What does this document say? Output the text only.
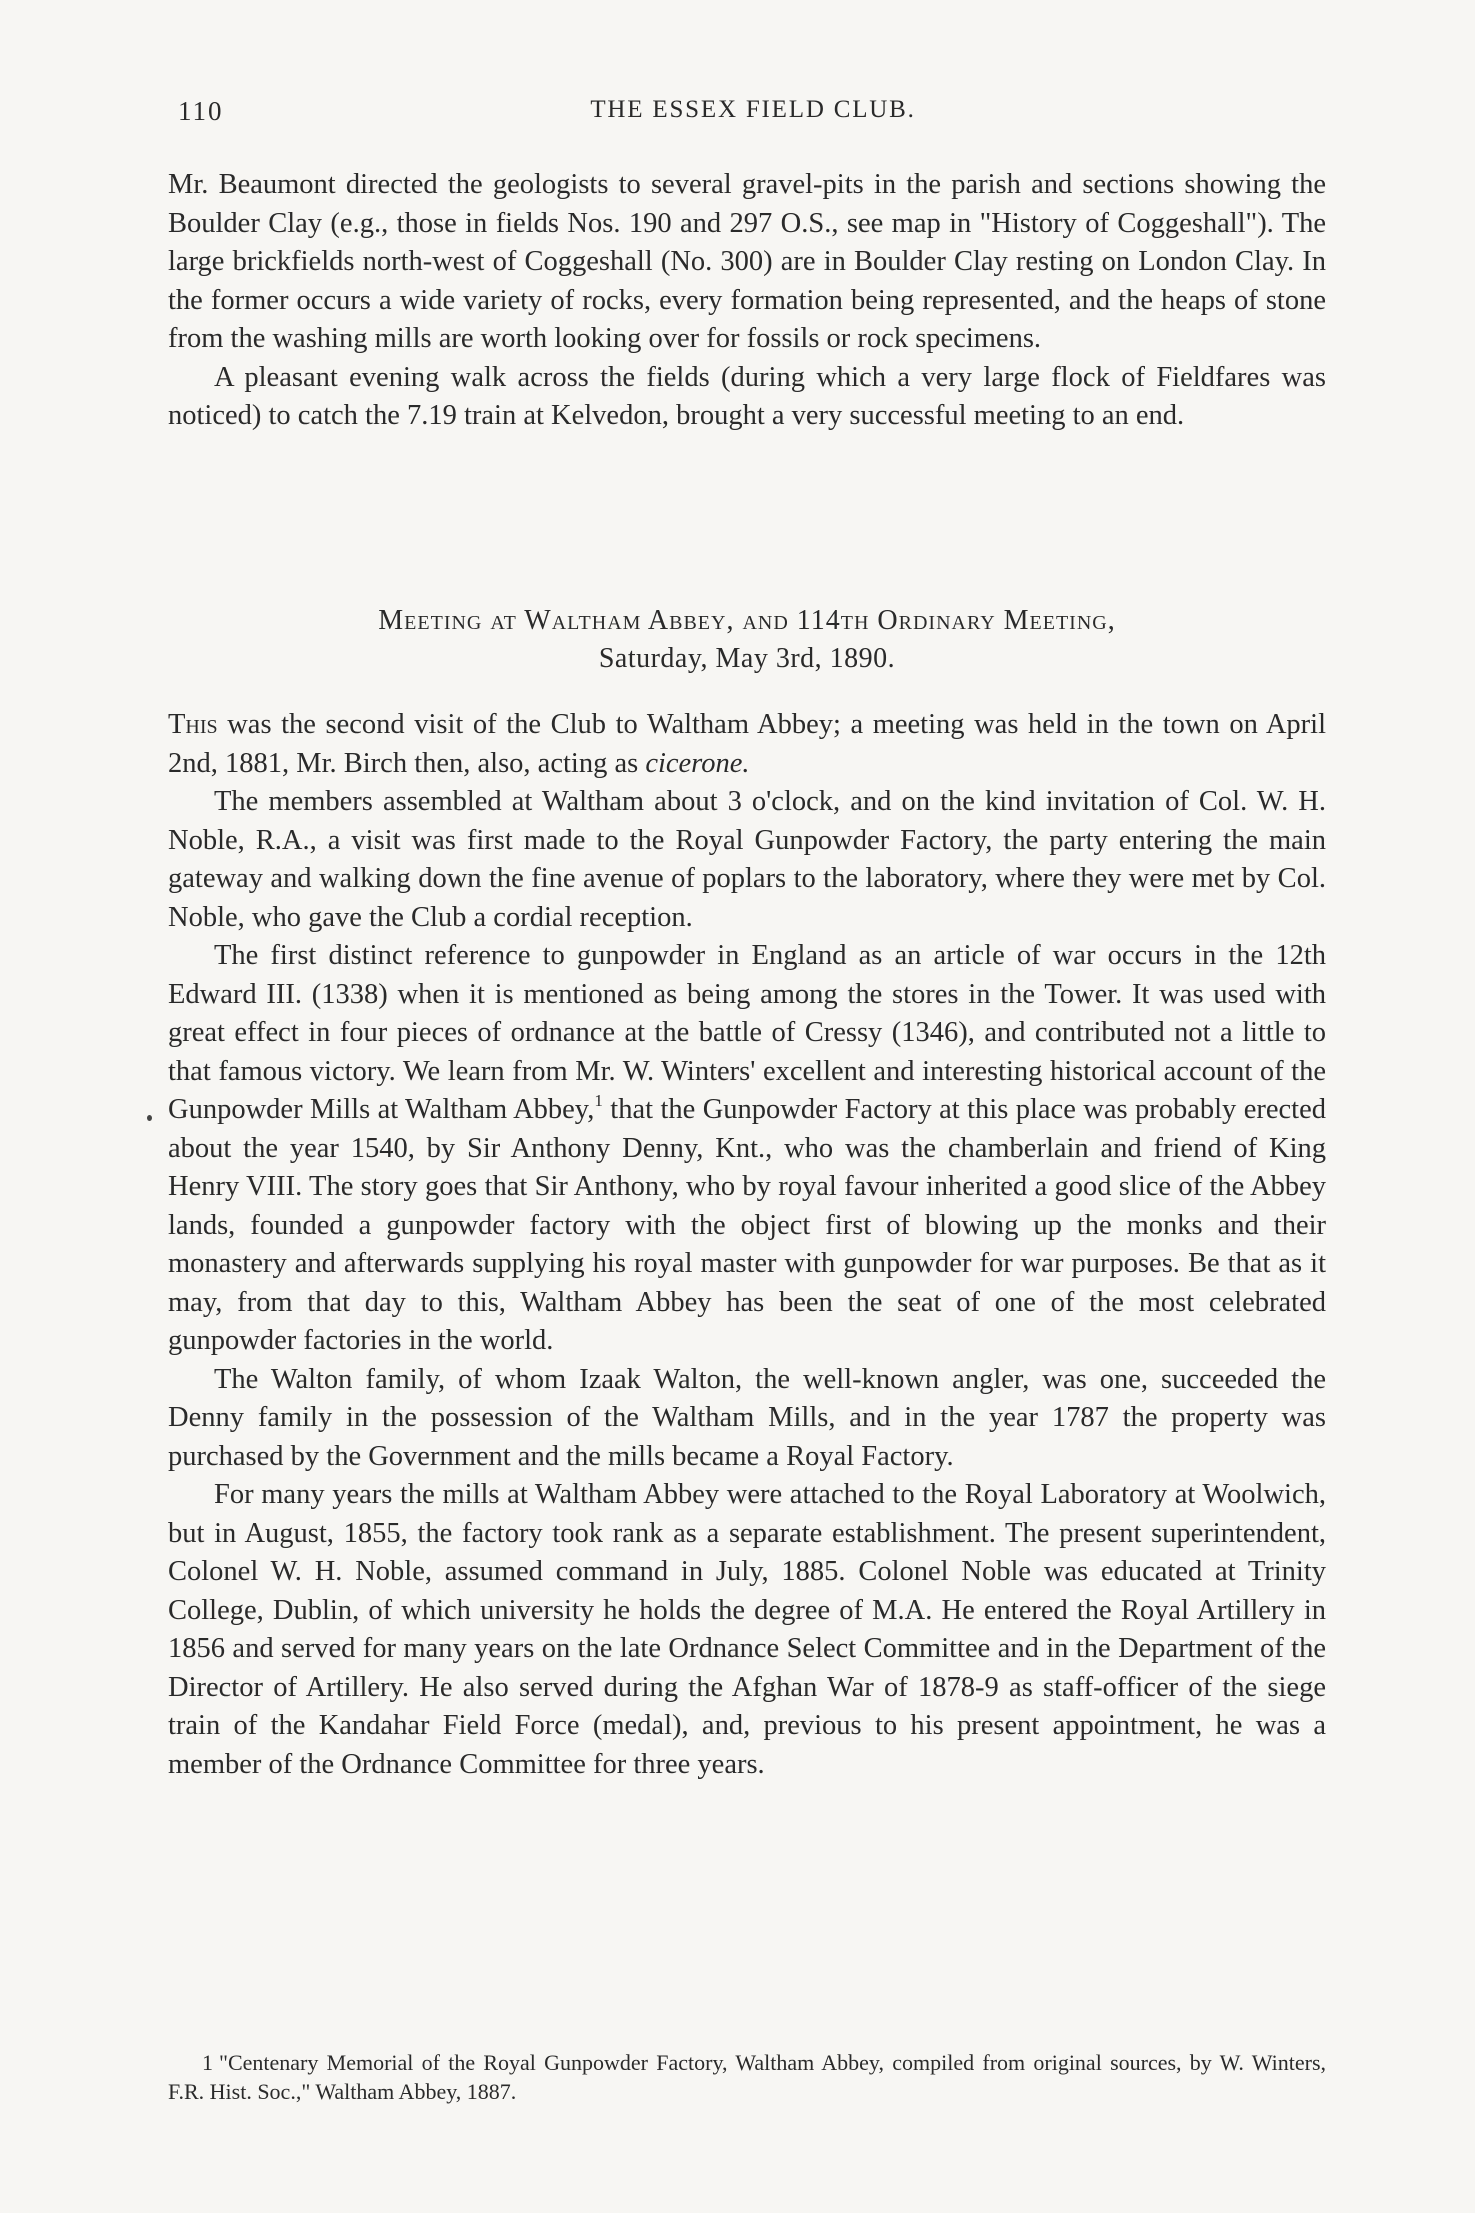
110	THE ESSEX FIELD CLUB.

Mr. Beaumont directed the geologists to several gravel-pits in the parish and sections showing the Boulder Clay (e.g., those in fields Nos. 190 and 297 O.S., see map in "History of Coggeshall"). The large brickfields north-west of Coggeshall (No. 300) are in Boulder Clay resting on London Clay. In the former occurs a wide variety of rocks, every formation being represented, and the heaps of stone from the washing mills are worth looking over for fossils or rock specimens.

A pleasant evening walk across the fields (during which a very large flock of Fieldfares was noticed) to catch the 7.19 train at Kelvedon, brought a very successful meeting to an end.

Meeting at Waltham Abbey, and 114th Ordinary Meeting,
Saturday, May 3rd, 1890.

This was the second visit of the Club to Waltham Abbey; a meeting was held in the town on April 2nd, 1881, Mr. Birch then, also, acting as cicerone.

The members assembled at Waltham about 3 o'clock, and on the kind invitation of Col. W. H. Noble, R.A., a visit was first made to the Royal Gunpowder Factory, the party entering the main gateway and walking down the fine avenue of poplars to the laboratory, where they were met by Col. Noble, who gave the Club a cordial reception.

The first distinct reference to gunpowder in England as an article of war occurs in the 12th Edward III. (1338) when it is mentioned as being among the stores in the Tower. It was used with great effect in four pieces of ordnance at the battle of Cressy (1346), and contributed not a little to that famous victory. We learn from Mr. W. Winters' excellent and interesting historical account of the Gunpowder Mills at Waltham Abbey,$^1$ that the Gunpowder Factory at this place was probably erected about the year 1540, by Sir Anthony Denny, Knt., who was the chamberlain and friend of King Henry VIII. The story goes that Sir Anthony, who by royal favour inherited a good slice of the Abbey lands, founded a gunpowder factory with the object first of blowing up the monks and their monastery and afterwards supplying his royal master with gunpowder for war purposes. Be that as it may, from that day to this, Waltham Abbey has been the seat of one of the most celebrated gunpowder factories in the world.

The Walton family, of whom Izaak Walton, the well-known angler, was one, succeeded the Denny family in the possession of the Waltham Mills, and in the year 1787 the property was purchased by the Government and the mills became a Royal Factory.

For many years the mills at Waltham Abbey were attached to the Royal Laboratory at Woolwich, but in August, 1855, the factory took rank as a separate establishment. The present superintendent, Colonel W. H. Noble, assumed command in July, 1885. Colonel Noble was educated at Trinity College, Dublin, of which university he holds the degree of M.A. He entered the Royal Artillery in 1856 and served for many years on the late Ordnance Select Committee and in the Department of the Director of Artillery. He also served during the Afghan War of 1878-9 as staff-officer of the siege train of the Kandahar Field Force (medal), and, previous to his present appointment, he was a member of the Ordnance Committee for three years.

1 "Centenary Memorial of the Royal Gunpowder Factory, Waltham Abbey, compiled from original sources, by W. Winters, F.R. Hist. Soc.," Waltham Abbey, 1887.
